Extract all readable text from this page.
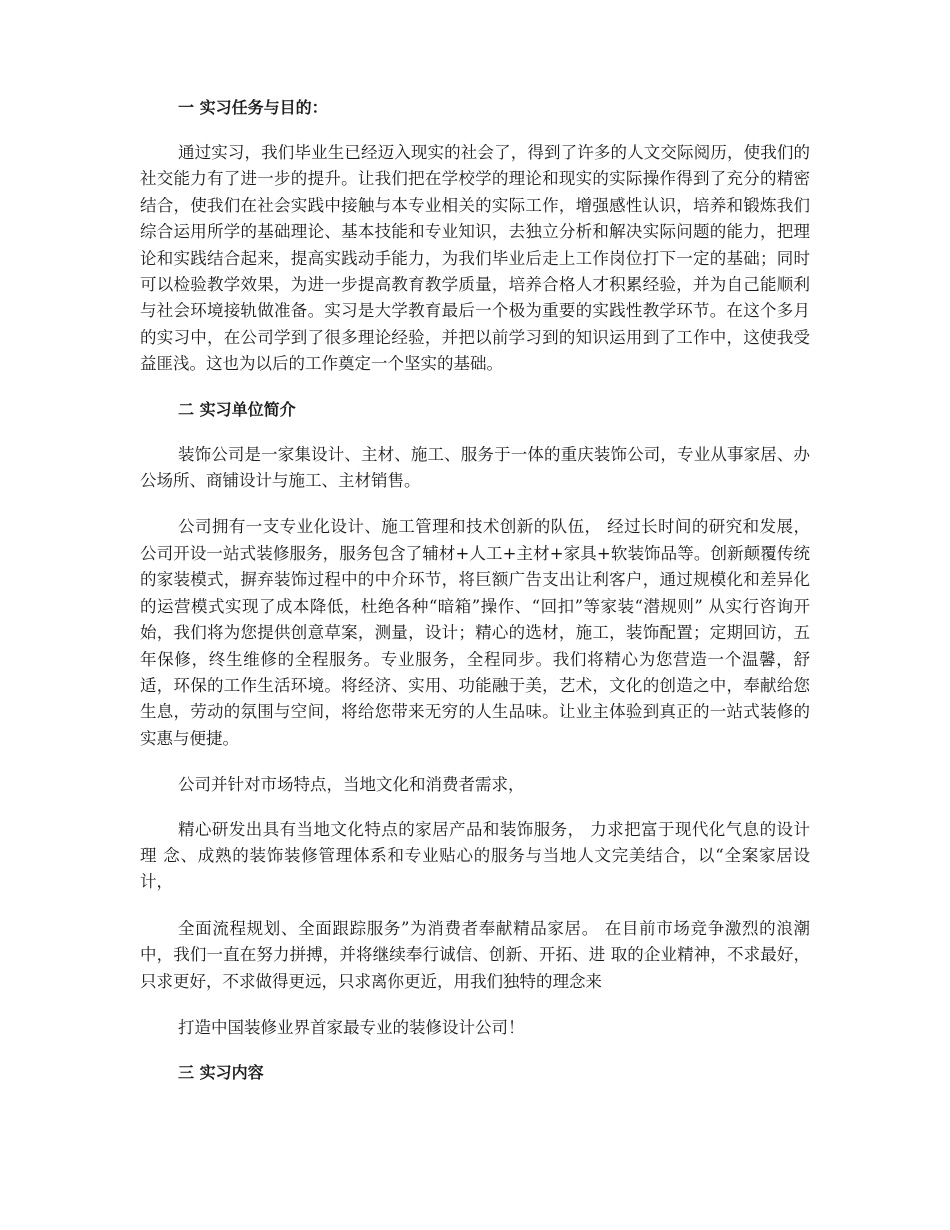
一 实习任务与目的：

通过实习，我们毕业生已经迈入现实的社会了，得到了许多的人文交际阅历，使我们的社交能力有了进一步的提升。让我们把在学校学的理论和现实的实际操作得到了充分的精密结合，使我们在社会实践中接触与本专业相关的实际工作，增强感性认识，培养和锻炼我们综合运用所学的基础理论、基本技能和专业知识，去独立分析和解决实际问题的能力，把理论和实践结合起来，提高实践动手能力，为我们毕业后走上工作岗位打下一定的基础；同时可以检验教学效果，为进一步提高教育教学质量，培养合格人才积累经验，并为自己能顺利与社会环境接轨做准备。实习是大学教育最后一个极为重要的实践性教学环节。在这个多月的实习中，在公司学到了很多理论经验，并把以前学习到的知识运用到了工作中，这使我受益匪浅。这也为以后的工作奠定一个坚实的基础。

二 实习单位简介

装饰公司是一家集设计、主材、施工、服务于一体的重庆装饰公司，专业从事家居、办公场所、商铺设计与施工、主材销售。

公司拥有一支专业化设计、施工管理和技术创新的队伍， 经过长时间的研究和发展，公司开设一站式装修服务，服务包含了辅材+人工+主材+家具+软装饰品等。创新颠覆传统的家装模式，摒弃装饰过程中的中介环节，将巨额广告支出让利客户，通过规模化和差异化的运营模式实现了成本降低，杜绝各种“暗箱”操作、“回扣”等家装“潜规则” 从实行咨询开始，我们将为您提供创意草案，测量，设计；精心的选材，施工，装饰配置；定期回访，五年保修，终生维修的全程服务。专业服务，全程同步。我们将精心为您营造一个温馨，舒适，环保的工作生活环境。将经济、实用、功能融于美，艺术，文化的创造之中，奉献给您生息，劳动的氛围与空间，将给您带来无穷的人生品味。让业主体验到真正的一站式装修的实惠与便捷。

公司并针对市场特点，当地文化和消费者需求，

精心研发出具有当地文化特点的家居产品和装饰服务， 力求把富于现代化气息的设计理 念、成熟的装饰装修管理体系和专业贴心的服务与当地人文完美结合，以“全案家居设计，

全面流程规划、全面跟踪服务”为消费者奉献精品家居。 在目前市场竞争激烈的浪潮中，我们一直在努力拼搏，并将继续奉行诚信、创新、开拓、进 取的企业精神，不求最好，只求更好，不求做得更远，只求离你更近，用我们独特的理念来

打造中国装修业界首家最专业的装修设计公司！

三 实习内容
